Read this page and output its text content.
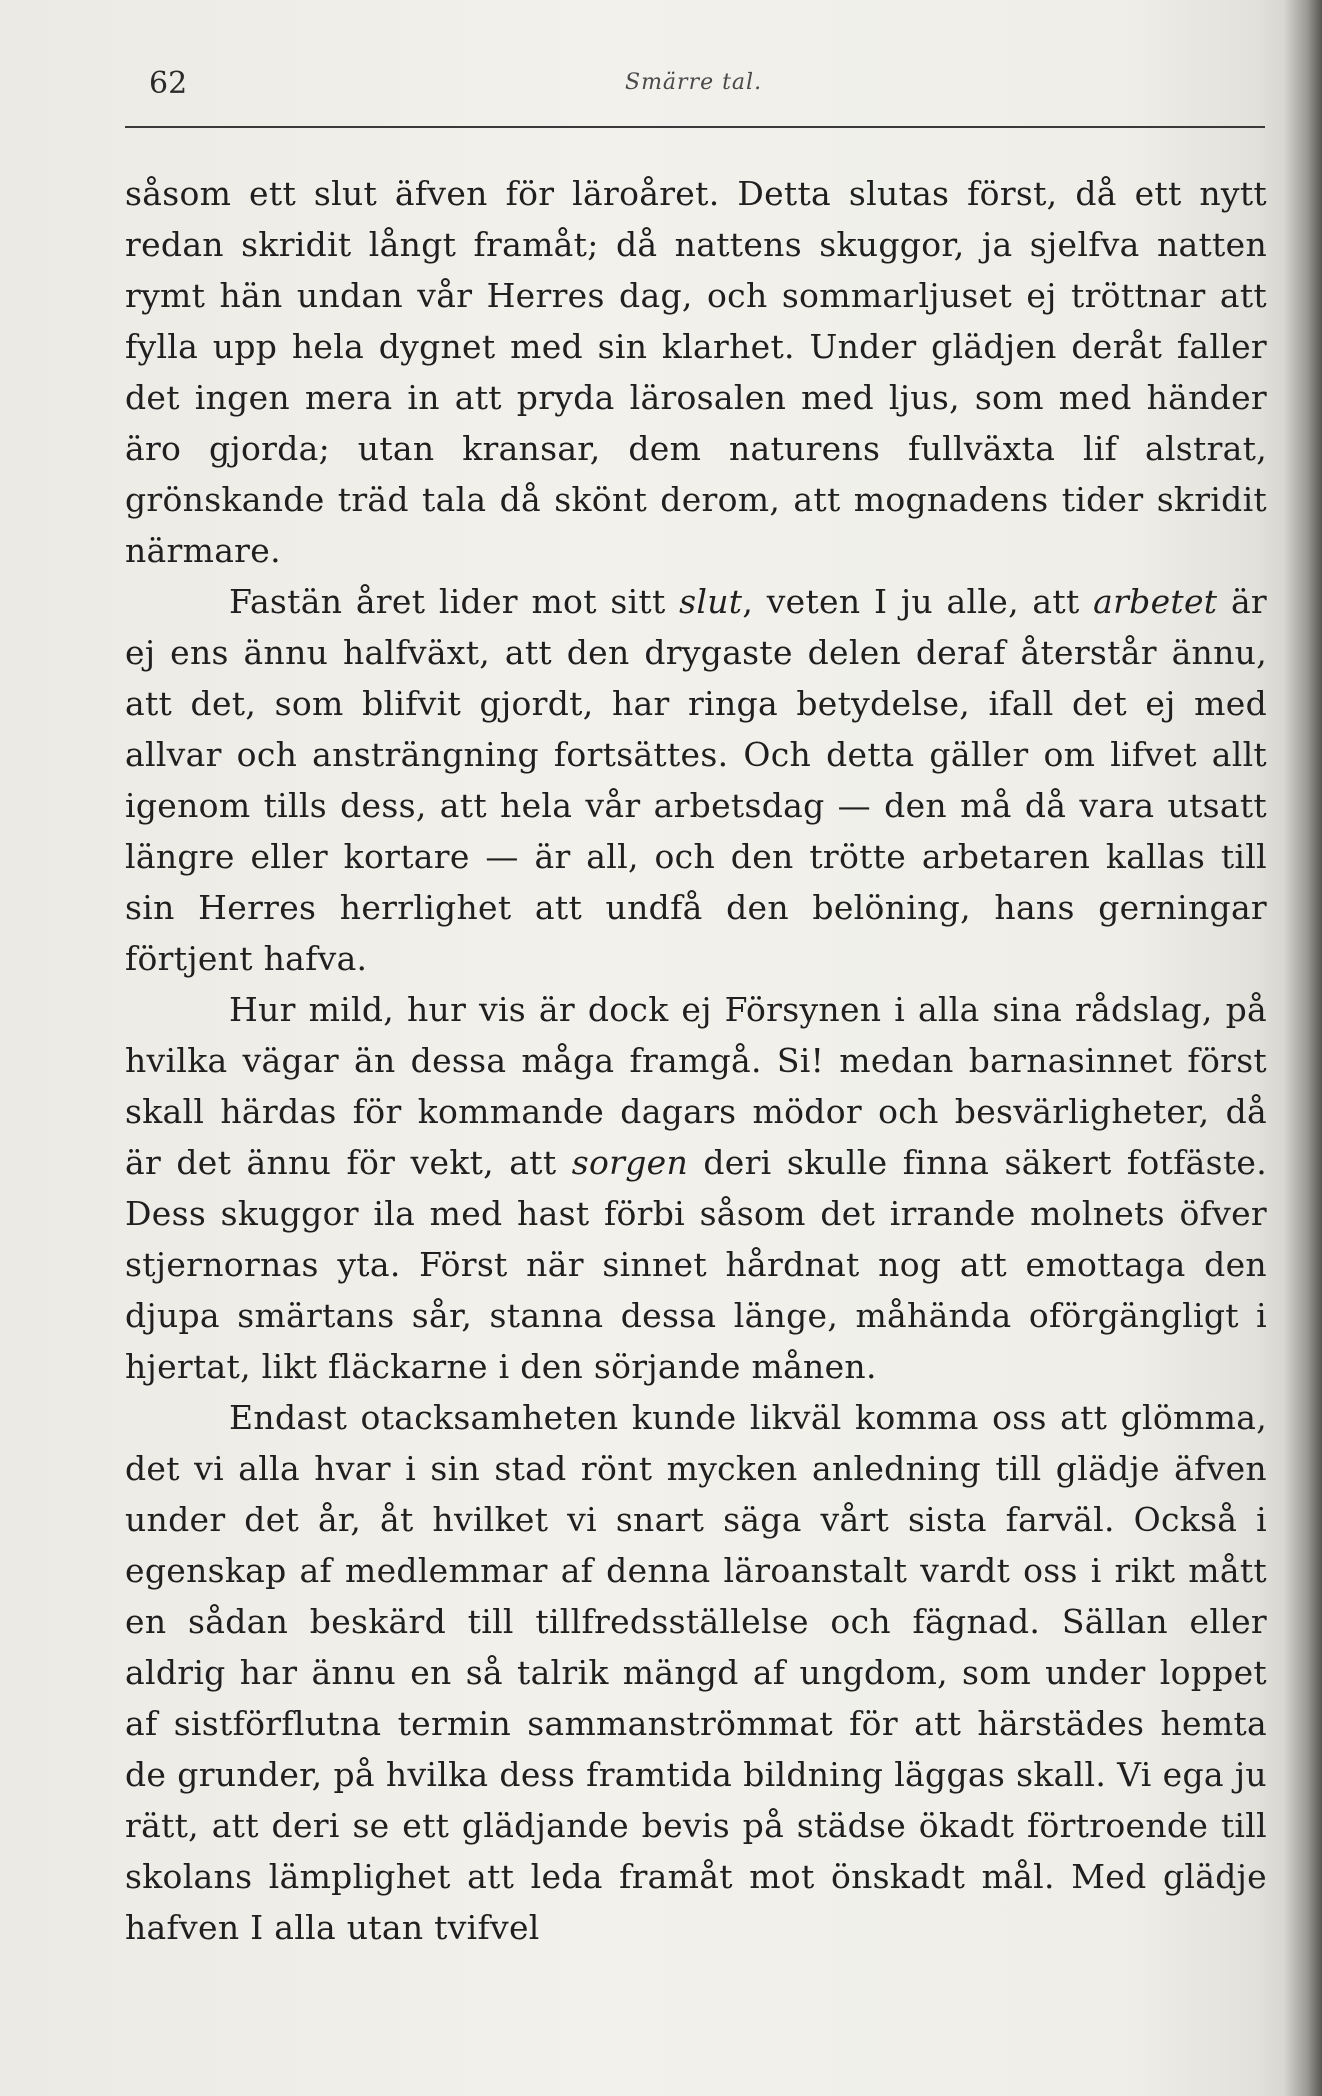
62	Smärre tal.

såsom ett slut äfven för läroåret. Detta slutas först, då ett nytt redan skridit långt framåt; då nattens skuggor, ja sjelfva natten rymt hän undan vår Herres dag, och sommarljuset ej tröttnar att fylla upp hela dygnet med sin klarhet. Under glädjen deråt faller det ingen mera in att pryda lärosalen med ljus, som med händer äro gjorda; utan kransar, dem naturens fullväxta lif alstrat, grönskande träd tala då skönt derom, att mognadens tider skridit närmare.

Fastän året lider mot sitt slut, veten I ju alle, att arbetet är ej ens ännu halfväxt, att den drygaste delen deraf återstår ännu, att det, som blifvit gjordt, har ringa betydelse, ifall det ej med allvar och ansträngning fortsättes. Och detta gäller om lifvet allt igenom tills dess, att hela vår arbetsdag — den må då vara utsatt längre eller kortare — är all, och den trötte arbetaren kallas till sin Herres herrlighet att undfå den belöning, hans gerningar förtjent hafva.

Hur mild, hur vis är dock ej Försynen i alla sina rådslag, på hvilka vägar än dessa måga framgå. Si! medan barnasinnet först skall härdas för kommande dagars mödor och besvärligheter, då är det ännu för vekt, att sorgen deri skulle finna säkert fotfäste. Dess skuggor ila med hast förbi såsom det irrande molnets öfver stjernornas yta. Först när sinnet hårdnat nog att emottaga den djupa smärtans sår, stanna dessa länge, måhända oförgängligt i hjertat, likt fläckarne i den sörjande månen.

Endast otacksamheten kunde likväl komma oss att glömma, det vi alla hvar i sin stad rönt mycken anledning till glädje äfven under det år, åt hvilket vi snart säga vårt sista farväl. Också i egenskap af medlemmar af denna läroanstalt vardt oss i rikt mått en sådan beskärd till tillfredsställelse och fägnad. Sällan eller aldrig har ännu en så talrik mängd af ungdom, som under loppet af sistförflutna termin sammanströmmat för att härstädes hemta de grunder, på hvilka dess framtida bildning läggas skall. Vi ega ju rätt, att deri se ett glädjande bevis på städse ökadt förtroende till skolans lämplighet att leda framåt mot önskadt mål. Med glädje hafven I alla utan tvifvel
